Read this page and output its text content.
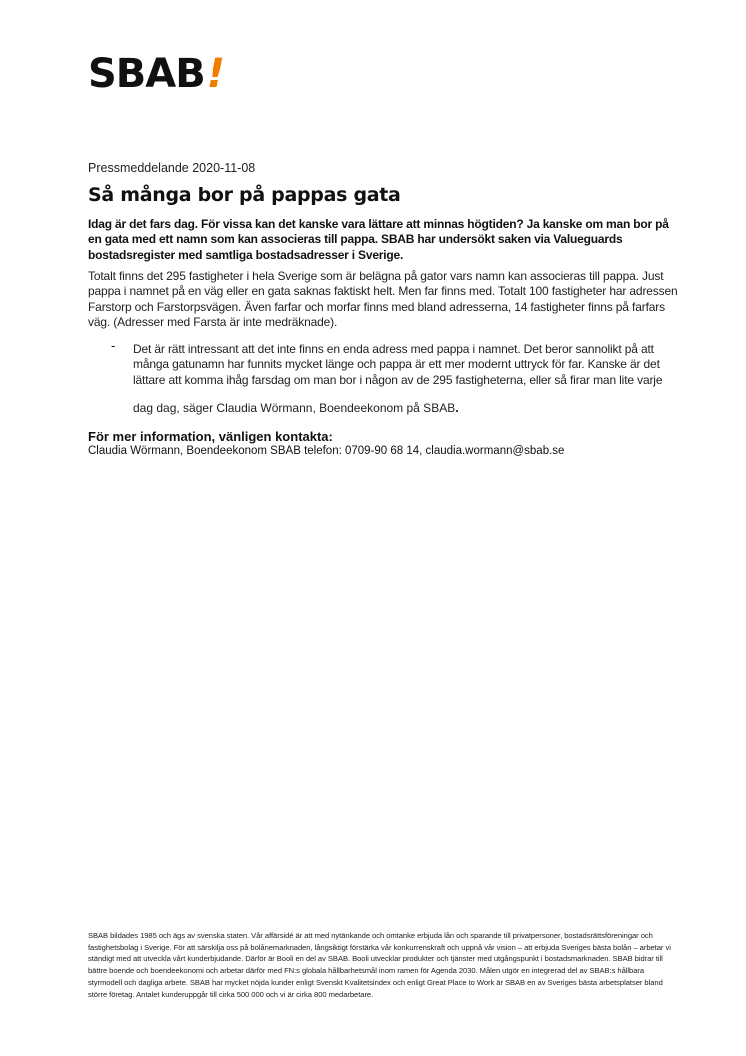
SBAB!
Pressmeddelande 2020-11-08
Så många bor på pappas gata

Idag är det fars dag. För vissa kan det kanske vara lättare att minnas högtiden? Ja kanske om man bor på en gata med ett namn som kan associeras till pappa. SBAB har undersökt saken via Valueguards bostadsregister med samtliga bostadsadresser i Sverige.

Totalt finns det 295 fastigheter i hela Sverige som är belägna på gator vars namn kan associeras till pappa. Just pappa i namnet på en väg eller en gata saknas faktiskt helt. Men far finns med. Totalt 100 fastigheter har adressen Farstorp och Farstorpsvägen. Även farfar och morfar finns med bland adresserna, 14 fastigheter finns på farfars väg. (Adresser med Farsta är inte medräknade).

- Det är rätt intressant att det inte finns en enda adress med pappa i namnet. Det beror sannolikt på att många gatunamn har funnits mycket länge och pappa är ett mer modernt uttryck för far. Kanske är det lättare att komma ihåg farsdag om man bor i någon av de 295 fastigheterna, eller så firar man lite varje

dag dag, säger Claudia Wörmann, Boendeekonom på SBAB.
För mer information, vänligen kontakta:
Claudia Wörmann, Boendeekonom SBAB telefon: 0709-90 68 14, claudia.wormann@sbab.se

SBAB bildades 1985 och ägs av svenska staten. Vår affärsidé är att med nytänkande och omtanke erbjuda lån och sparande till privatpersoner, bostadsrättsföreningar och fastighetsbolag i Sverige. För att särskilja oss på bolånemarknaden, långsiktigt förstärka vår konkurrenskraft och uppnå vår vision – att erbjuda Sveriges bästa bolån – arbetar vi ständigt med att utveckla vårt kunderbjudande. Därför är Booli en del av SBAB. Booli utvecklar produkter och tjänster med utgångspunkt i bostadsmarknaden. SBAB bidrar till bättre boende och boendeekonomi och arbetar därför med FN:s globala hållbarhetsmål inom ramen för Agenda 2030. Målen utgör en integrerad del av SBAB:s hållbara styrmodell och dagliga arbete. SBAB har mycket nöjda kunder enligt Svenskt Kvalitetsindex och enligt Great Place to Work är SBAB en av Sveriges bästa arbetsplatser bland större företag. Antalet kunderuppgår till cirka 500 000 och vi är cirka 800 medarbetare.
